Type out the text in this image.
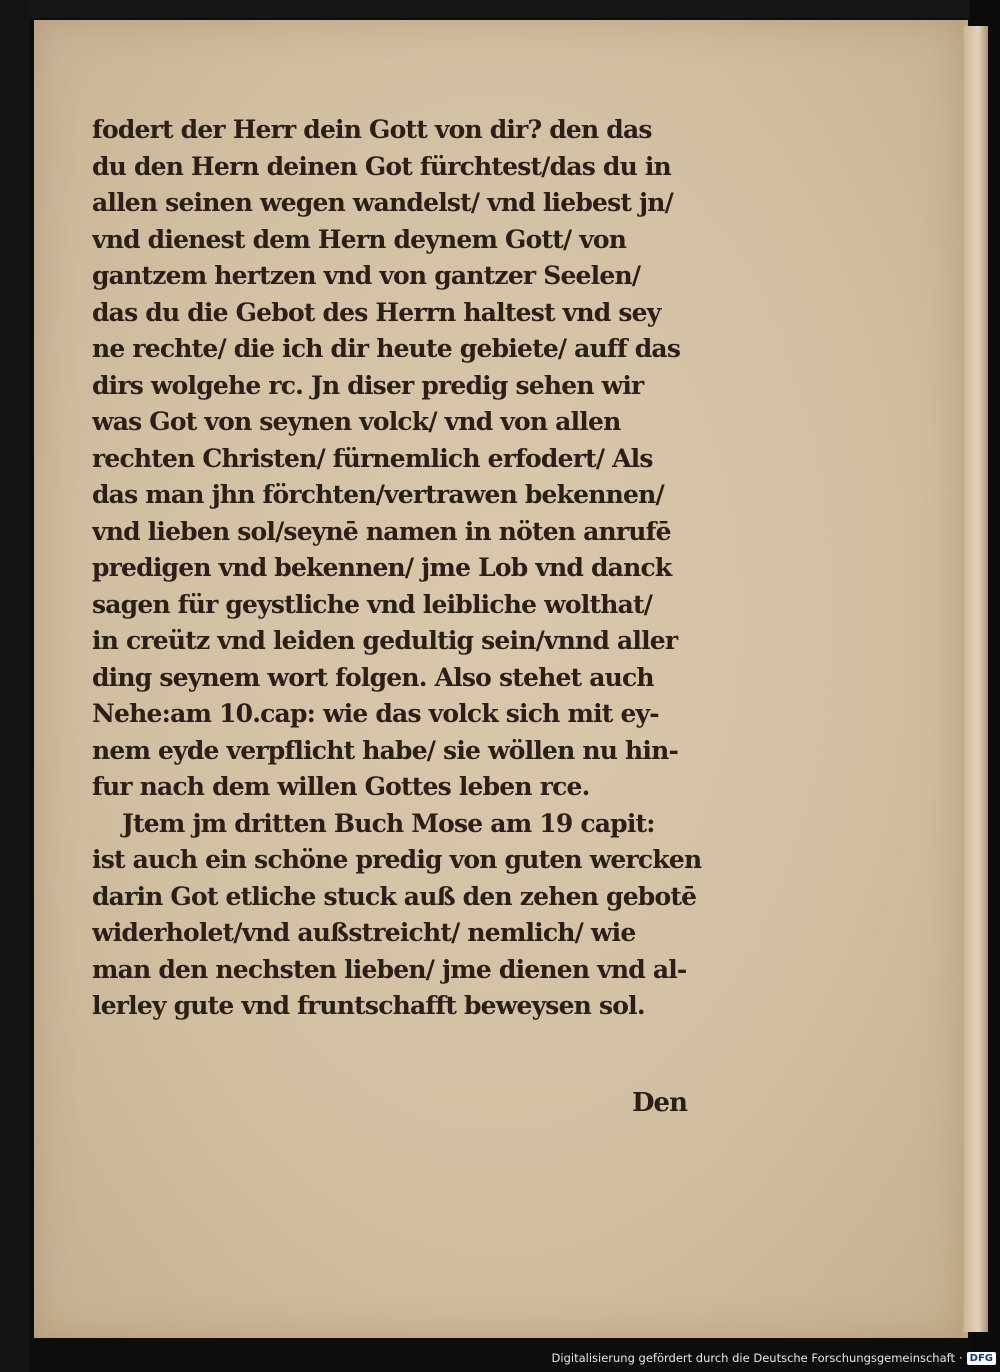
fodert der Herr dein Gott von dir? den das
du den Hern deinen Got fürchtest/das du in
allen seinen wegen wandelst/ vnd liebest jn/
vnd dienest dem Hern deynem Gott/ von
gantzem hertzen vnd von gantzer Seelen/
das du die Gebot des Herrn haltest vnd sey
ne rechte/ die ich dir heute gebiete/ auff das
dirs wolgehe rc. Jn diser predig sehen wir
was Got von seynen volck/ vnd von allen
rechten Christen/ fürnemlich erfodert/ Als
das man jhn förchten/vertrawen bekennen/
vnd lieben sol/seynē namen in nöten anrufē
predigen vnd bekennen/ jme Lob vnd danck
sagen für geystliche vnd leibliche wolthat/
in creütz vnd leiden gedultig sein/vnnd aller
ding seynem wort folgen. Also stehet auch
Nehe:am 10.cap: wie das volck sich mit ey-
nem eyde verpflicht habe/ sie wöllen nu hin-
fur nach dem willen Gottes leben rce.
Jtem jm dritten Buch Mose am 19 capit:
ist auch ein schöne predig von guten wercken
darin Got etliche stuck auß den zehen gebotē
widerholet/vnd außstreicht/ nemlich/ wie
man den nechsten lieben/ jme dienen vnd al-
lerley gute vnd fruntschafft beweysen sol.
Den
Digitalisierung gefördert durch die Deutsche Forschungsgemeinschaft · DFG
